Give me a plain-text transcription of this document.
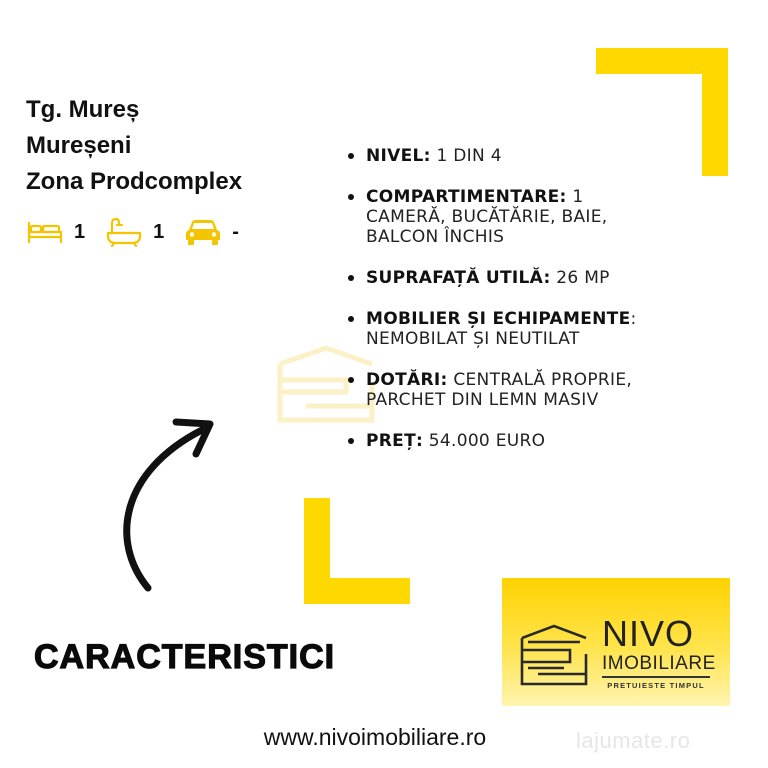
Tg. Mureș
Mureșeni
Zona Prodcomplex
1	1	-
NIVEL: 1 DIN 4
COMPARTIMENTARE: 1 CAMERĂ, BUCĂTĂRIE, BAIE, BALCON ÎNCHIS
SUPRAFAȚĂ UTILĂ: 26 MP
MOBILIER ȘI ECHIPAMENTE: NEMOBILAT ȘI NEUTILAT
DOTĂRI: CENTRALĂ PROPRIE, PARCHET DIN LEMN MASIV
PREȚ: 54.000 EURO
CARACTERISTICI
NIVO
IMOBILIARE
PRETUIESTE TIMPUL
www.nivoimobiliare.ro	lajumate.ro
